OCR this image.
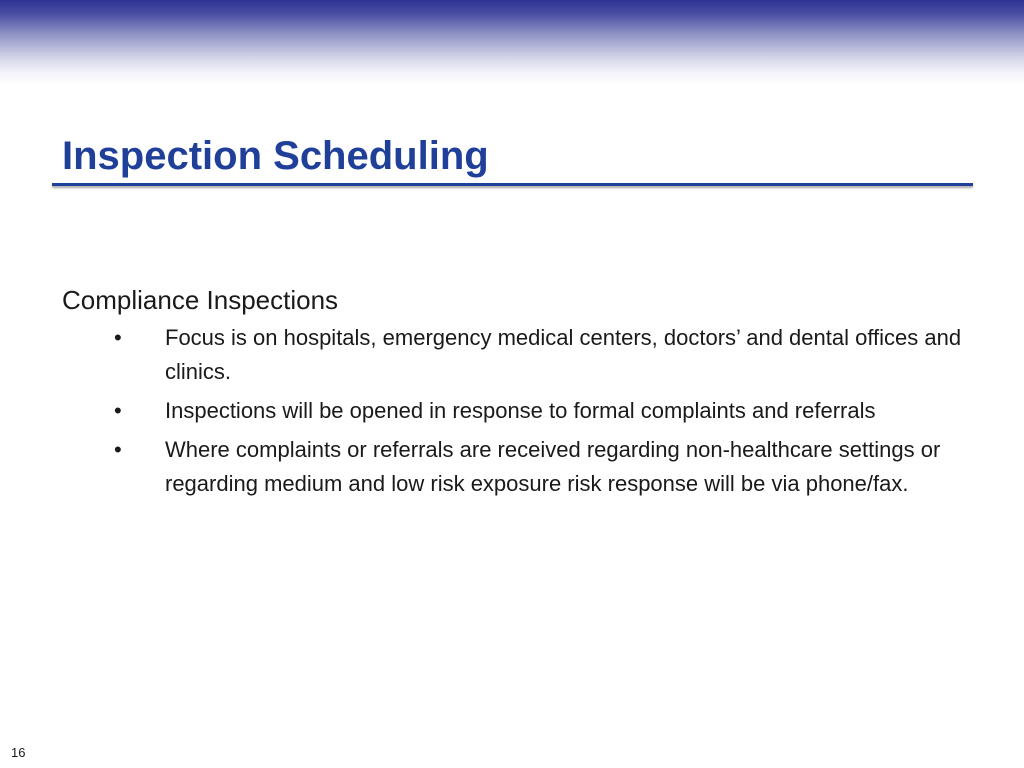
Inspection Scheduling
Compliance Inspections
• Focus is on hospitals, emergency medical centers, doctors’ and dental offices and clinics.
• Inspections will be opened in response to formal complaints and referrals
• Where complaints or referrals are received regarding non-healthcare settings or regarding medium and low risk exposure risk response will be via phone/fax.
16
